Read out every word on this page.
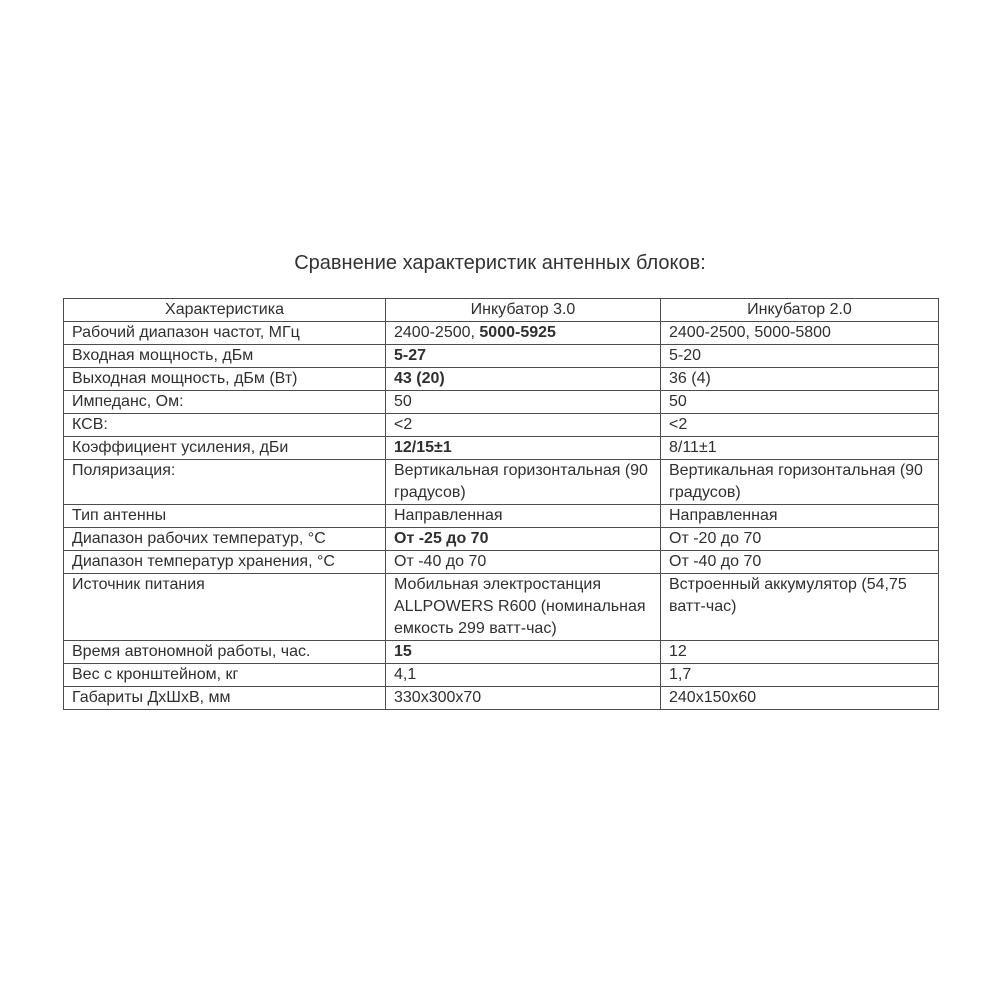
Сравнение характеристик антенных блоков:
Характеристика	Инкубатор 3.0	Инкубатор 2.0
Рабочий диапазон частот, МГц	2400-2500, 5000-5925	2400-2500, 5000-5800
Входная мощность, дБм	5-27	5-20
Выходная мощность, дБм (Вт)	43 (20)	36 (4)
Импеданс, Ом:	50	50
КСВ:	<2	<2
Коэффициент усиления, дБи	12/15±1	8/11±1
Поляризация:	Вертикальная горизонтальная (90 градусов)	Вертикальная горизонтальная (90 градусов)
Тип антенны	Направленная	Направленная
Диапазон рабочих температур, °С	От -25 до 70	От -20 до 70
Диапазон температур хранения, °С	От -40 до 70	От -40 до 70
Источник питания	Мобильная электростанция ALLPOWERS R600 (номинальная емкость 299 ватт-час)	Встроенный аккумулятор (54,75 ватт-час)
Время автономной работы, час.	15	12
Вес с кронштейном, кг	4,1	1,7
Габариты ДхШхВ, мм	330x300x70	240x150x60
